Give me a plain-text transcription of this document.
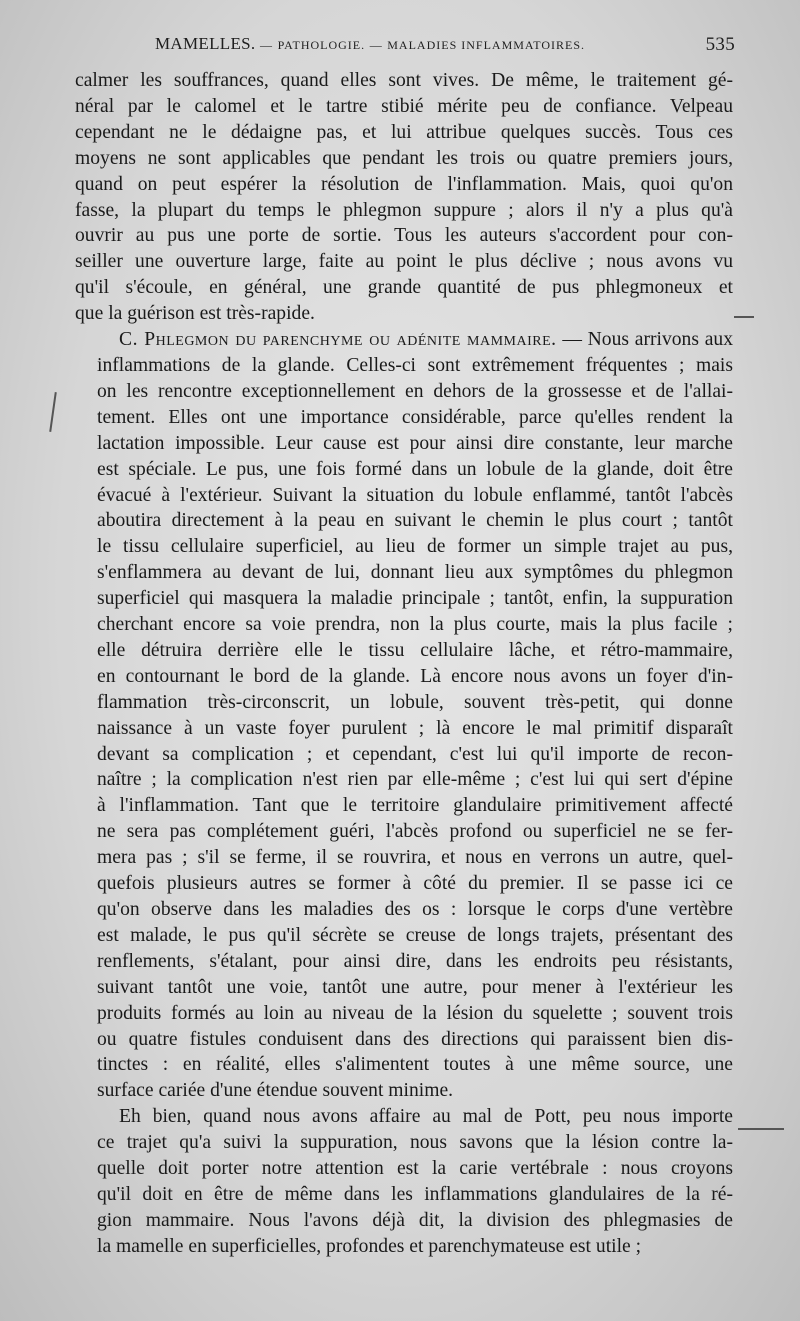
MAMELLES. — PATHOLOGIE. — MALADIES INFLAMMATOIRES.	535
calmer les souffrances, quand elles sont vives. De même, le traitement gé-
néral par le calomel et le tartre stibié mérite peu de confiance. Velpeau
cependant ne le dédaigne pas, et lui attribue quelques succès. Tous ces
moyens ne sont applicables que pendant les trois ou quatre premiers jours,
quand on peut espérer la résolution de l'inflammation. Mais, quoi qu'on
fasse, la plupart du temps le phlegmon suppure ; alors il n'y a plus qu'à
ouvrir au pus une porte de sortie. Tous les auteurs s'accordent pour con-
seiller une ouverture large, faite au point le plus déclive ; nous avons vu
qu'il s'écoule, en général, une grande quantité de pus phlegmoneux et
que la guérison est très-rapide.
C. Phlegmon du parenchyme ou adénite mammaire. — Nous arrivons aux
inflammations de la glande. Celles-ci sont extrêmement fréquentes ; mais
on les rencontre exceptionnellement en dehors de la grossesse et de l'allai-
tement. Elles ont une importance considérable, parce qu'elles rendent la
lactation impossible. Leur cause est pour ainsi dire constante, leur marche
est spéciale. Le pus, une fois formé dans un lobule de la glande, doit être
évacué à l'extérieur. Suivant la situation du lobule enflammé, tantôt l'abcès
aboutira directement à la peau en suivant le chemin le plus court ; tantôt
le tissu cellulaire superficiel, au lieu de former un simple trajet au pus,
s'enflammera au devant de lui, donnant lieu aux symptômes du phlegmon
superficiel qui masquera la maladie principale ; tantôt, enfin, la suppuration
cherchant encore sa voie prendra, non la plus courte, mais la plus facile ;
elle détruira derrière elle le tissu cellulaire lâche, et rétro-mammaire,
en contournant le bord de la glande. Là encore nous avons un foyer d'in-
flammation très-circonscrit, un lobule, souvent très-petit, qui donne
naissance à un vaste foyer purulent ; là encore le mal primitif disparaît
devant sa complication ; et cependant, c'est lui qu'il importe de recon-
naître ; la complication n'est rien par elle-même ; c'est lui qui sert d'épine
à l'inflammation. Tant que le territoire glandulaire primitivement affecté
ne sera pas complétement guéri, l'abcès profond ou superficiel ne se fer-
mera pas ; s'il se ferme, il se rouvrira, et nous en verrons un autre, quel-
quefois plusieurs autres se former à côté du premier. Il se passe ici ce
qu'on observe dans les maladies des os : lorsque le corps d'une vertèbre
est malade, le pus qu'il sécrète se creuse de longs trajets, présentant des
renflements, s'étalant, pour ainsi dire, dans les endroits peu résistants,
suivant tantôt une voie, tantôt une autre, pour mener à l'extérieur les
produits formés au loin au niveau de la lésion du squelette ; souvent trois
ou quatre fistules conduisent dans des directions qui paraissent bien dis-
tinctes : en réalité, elles s'alimentent toutes à une même source, une
surface cariée d'une étendue souvent minime.
Eh bien, quand nous avons affaire au mal de Pott, peu nous importe
ce trajet qu'a suivi la suppuration, nous savons que la lésion contre la-
quelle doit porter notre attention est la carie vertébrale : nous croyons
qu'il doit en être de même dans les inflammations glandulaires de la ré-
gion mammaire. Nous l'avons déjà dit, la division des phlegmasies de
la mamelle en superficielles, profondes et parenchymateuse est utile ;
